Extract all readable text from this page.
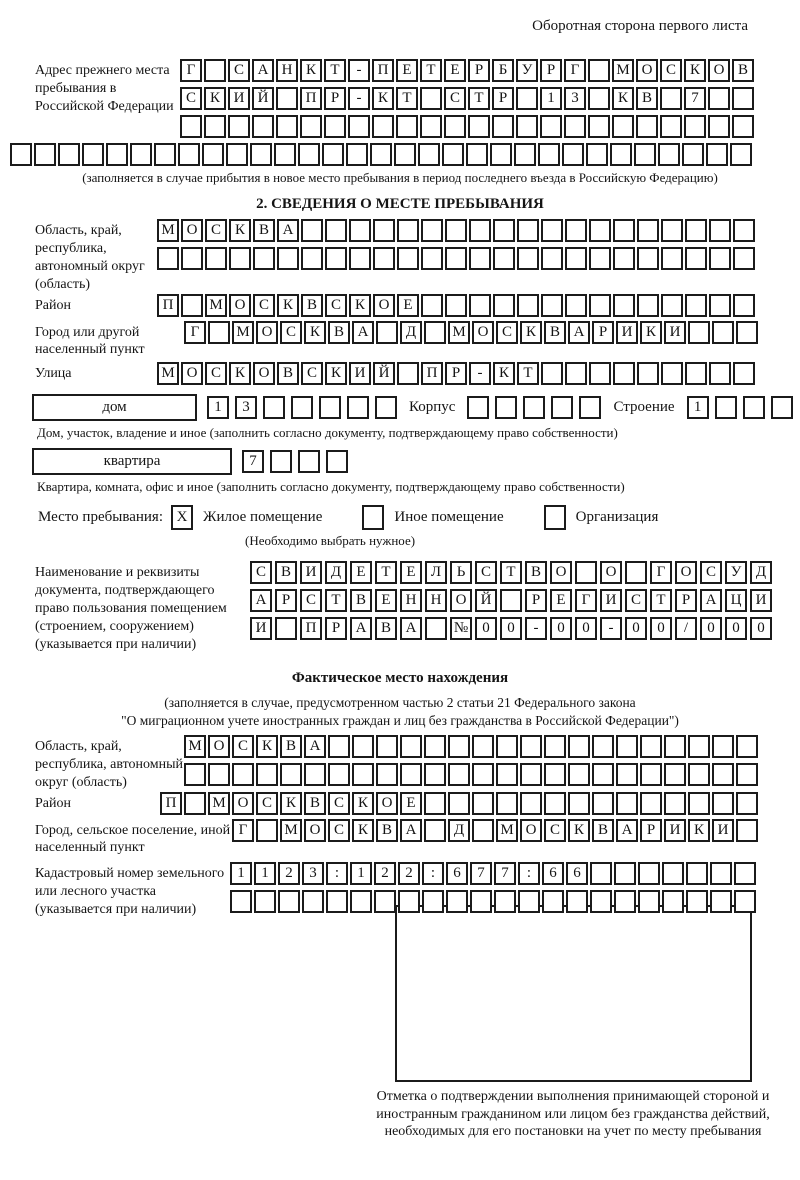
Оборотная сторона первого листа
Адрес прежнего места пребывания в Российской Федерации
Г	С А Н К Т	-	П Е Т Е	Р	Б У Р	Г	М О С К О В
С К И Й	П Р	-	К Т	С Т	Р	1	3	К В	7
(заполняется в случае прибытия в новое место пребывания в период последнего въезда в Российскую Федерацию)
2. СВЕДЕНИЯ О МЕСТЕ ПРЕБЫВАНИЯ
Область, край, республика, автономный округ (область)
М О С К В А
Район	П	М О С К В С К О Е
Город или другой населенный пункт
Г	М О С К В А	Д	М О С К В А Р И К И
Улица	М О С К О В С К И Й	П Р	-	К Т
дом	1	3	Корпус	Строение	1
Дом, участок, владение и иное (заполнить согласно документу, подтверждающему право собственности)
квартира	7
Квартира, комната, офис и иное (заполнить согласно документу, подтверждающему право собственности)
Место пребывания: X	Жилое помещение	Иное помещение	Организация
(Необходимо выбрать нужное)
Наименование и реквизиты документа, подтверждающего право пользования помещением (строением, сооружением) (указывается при наличии)
С В И Д	Е	Т	Е	Л	Ь	С	Т	В О	О	Г	О С У Д
А	Р	С	Т	В	Е	Н Н О Й	Р	Е	Г	И С	Т	Р	А Ц И
И	П	Р	А В А	№ 0	0	-	0	0	-	0	0	/	0	0	0
Фактическое место нахождения
(заполняется в случае, предусмотренном частью 2 статьи 21 Федерального закона
"О миграционном учете иностранных граждан и лиц без гражданства в Российской Федерации")
Область, край, республика, автономный округ (область)
М О С К В А
Район	П	М О С К В С К О Е
Город, сельское поселение, иной населенный пункт
Г	М О С К В А	Д	М О С К В А Р И К И
Кадастровый номер земельного или лесного участка (указывается при наличии)
1	1	2	3	:	1	2	2	:	6	7	7	:	6	6
Отметка о подтверждении выполнения принимающей стороной и иностранным гражданином или лицом без гражданства действий, необходимых для его постановки на учет по месту пребывания
